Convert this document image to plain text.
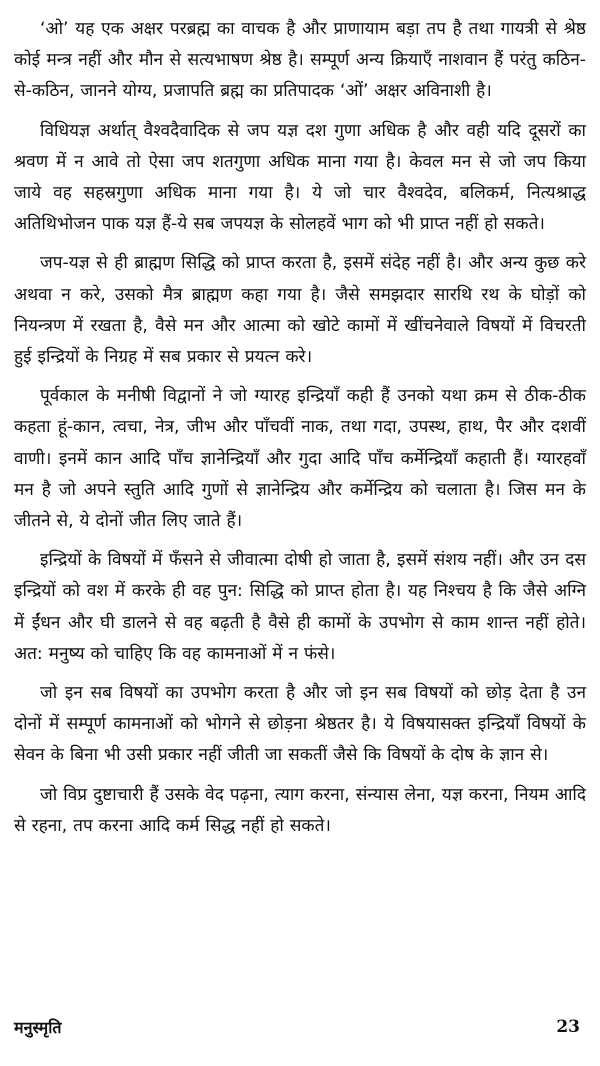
‘ओ’ यह एक अक्षर परब्रह्म का वाचक है और प्राणायाम बड़ा तप है तथा गायत्री से श्रेष्ठ कोई मन्त्र नहीं और मौन से सत्यभाषण श्रेष्ठ है। सम्पूर्ण अन्य क्रियाएँ नाशवान हैं परंतु कठिन-से-कठिन, जानने योग्य, प्रजापति ब्रह्म का प्रतिपादक ‘ओं’ अक्षर अविनाशी है।

विधियज्ञ अर्थात् वैश्वदैवादिक से जप यज्ञ दश गुणा अधिक है और वही यदि दूसरों का श्रवण में न आवे तो ऐसा जप शतगुणा अधिक माना गया है। केवल मन से जो जप किया जाये वह सहस्रगुणा अधिक माना गया है। ये जो चार वैश्वदेव, बलिकर्म, नित्यश्राद्ध अतिथिभोजन पाक यज्ञ हैं-ये सब जपयज्ञ के सोलहवें भाग को भी प्राप्त नहीं हो सकते।

जप-यज्ञ से ही ब्राह्मण सिद्धि को प्राप्त करता है, इसमें संदेह नहीं है। और अन्य कुछ करे अथवा न करे, उसको मैत्र ब्राह्मण कहा गया है। जैसे समझदार सारथि रथ के घोड़ों को नियन्त्रण में रखता है, वैसे मन और आत्मा को खोटे कामों में खींचनेवाले विषयों में विचरती हुई इन्द्रियों के निग्रह में सब प्रकार से प्रयत्न करे।

पूर्वकाल के मनीषी विद्वानों ने जो ग्यारह इन्द्रियाँ कही हैं उनको यथा क्रम से ठीक-ठीक कहता हूं-कान, त्वचा, नेत्र, जीभ और पाँचवीं नाक, तथा गदा, उपस्थ, हाथ, पैर और दशवीं वाणी। इनमें कान आदि पाँच ज्ञानेन्द्रियाँ और गुदा आदि पाँच कर्मेन्द्रियाँ कहाती हैं। ग्यारहवाँ मन है जो अपने स्तुति आदि गुणों से ज्ञानेन्द्रिय और कर्मेन्द्रिय को चलाता है। जिस मन के जीतने से, ये दोनों जीत लिए जाते हैं।

इन्द्रियों के विषयों में फँसने से जीवात्मा दोषी हो जाता है, इसमें संशय नहीं। और उन दस इन्द्रियों को वश में करके ही वह पुन: सिद्धि को प्राप्त होता है। यह निश्चय है कि जैसे अग्नि में ईंधन और घी डालने से वह बढ़ती है वैसे ही कामों के उपभोग से काम शान्त नहीं होते। अत: मनुष्य को चाहिए कि वह कामनाओं में न फंसे।

जो इन सब विषयों का उपभोग करता है और जो इन सब विषयों को छोड़ देता है उन दोनों में सम्पूर्ण कामनाओं को भोगने से छोड़ना श्रेष्ठतर है। ये विषयासक्त इन्द्रियाँ विषयों के सेवन के बिना भी उसी प्रकार नहीं जीती जा सकतीं जैसे कि विषयों के दोष के ज्ञान से।

जो विप्र दुष्टाचारी हैं उसके वेद पढ़ना, त्याग करना, संन्यास लेना, यज्ञ करना, नियम आदि से रहना, तप करना आदि कर्म सिद्ध नहीं हो सकते।

मनुस्मृति	23
